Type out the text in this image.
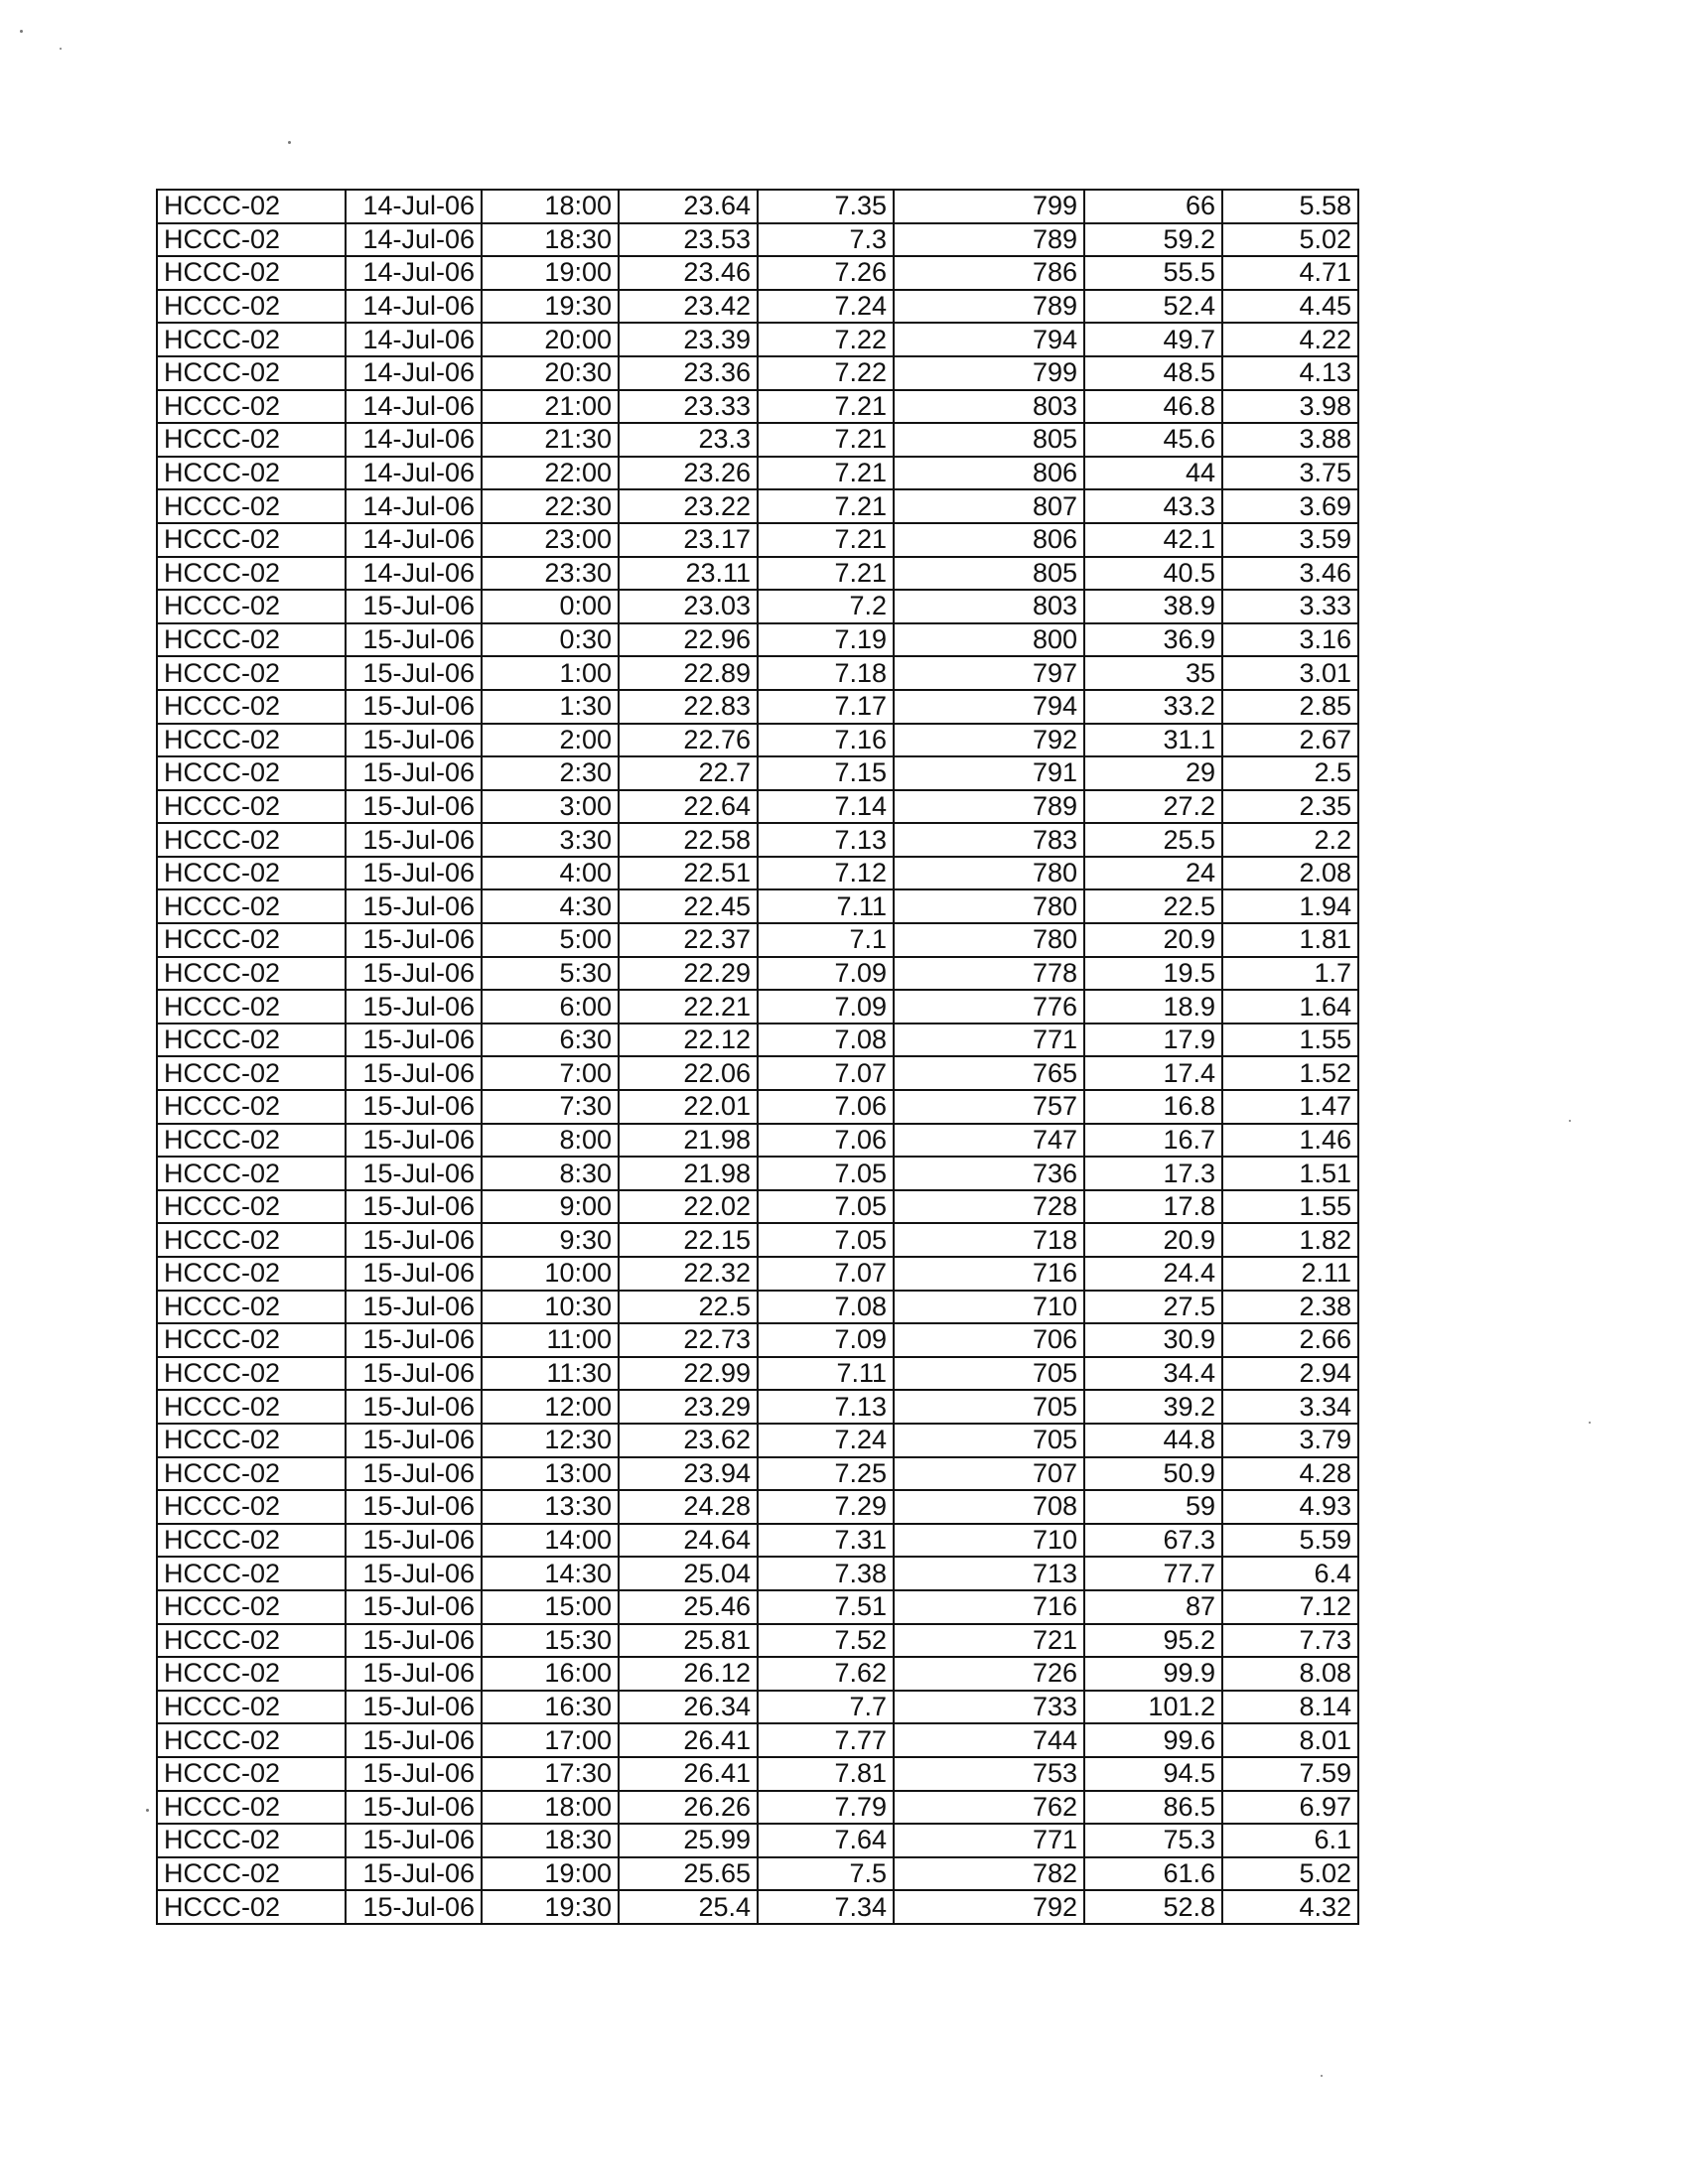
HCCC-02	14-Jul-06	18:00	23.64	7.35	799	66	5.58
HCCC-02	14-Jul-06	18:30	23.53	7.3	789	59.2	5.02
HCCC-02	14-Jul-06	19:00	23.46	7.26	786	55.5	4.71
HCCC-02	14-Jul-06	19:30	23.42	7.24	789	52.4	4.45
HCCC-02	14-Jul-06	20:00	23.39	7.22	794	49.7	4.22
HCCC-02	14-Jul-06	20:30	23.36	7.22	799	48.5	4.13
HCCC-02	14-Jul-06	21:00	23.33	7.21	803	46.8	3.98
HCCC-02	14-Jul-06	21:30	23.3	7.21	805	45.6	3.88
HCCC-02	14-Jul-06	22:00	23.26	7.21	806	44	3.75
HCCC-02	14-Jul-06	22:30	23.22	7.21	807	43.3	3.69
HCCC-02	14-Jul-06	23:00	23.17	7.21	806	42.1	3.59
HCCC-02	14-Jul-06	23:30	23.11	7.21	805	40.5	3.46
HCCC-02	15-Jul-06	0:00	23.03	7.2	803	38.9	3.33
HCCC-02	15-Jul-06	0:30	22.96	7.19	800	36.9	3.16
HCCC-02	15-Jul-06	1:00	22.89	7.18	797	35	3.01
HCCC-02	15-Jul-06	1:30	22.83	7.17	794	33.2	2.85
HCCC-02	15-Jul-06	2:00	22.76	7.16	792	31.1	2.67
HCCC-02	15-Jul-06	2:30	22.7	7.15	791	29	2.5
HCCC-02	15-Jul-06	3:00	22.64	7.14	789	27.2	2.35
HCCC-02	15-Jul-06	3:30	22.58	7.13	783	25.5	2.2
HCCC-02	15-Jul-06	4:00	22.51	7.12	780	24	2.08
HCCC-02	15-Jul-06	4:30	22.45	7.11	780	22.5	1.94
HCCC-02	15-Jul-06	5:00	22.37	7.1	780	20.9	1.81
HCCC-02	15-Jul-06	5:30	22.29	7.09	778	19.5	1.7
HCCC-02	15-Jul-06	6:00	22.21	7.09	776	18.9	1.64
HCCC-02	15-Jul-06	6:30	22.12	7.08	771	17.9	1.55
HCCC-02	15-Jul-06	7:00	22.06	7.07	765	17.4	1.52
HCCC-02	15-Jul-06	7:30	22.01	7.06	757	16.8	1.47
HCCC-02	15-Jul-06	8:00	21.98	7.06	747	16.7	1.46
HCCC-02	15-Jul-06	8:30	21.98	7.05	736	17.3	1.51
HCCC-02	15-Jul-06	9:00	22.02	7.05	728	17.8	1.55
HCCC-02	15-Jul-06	9:30	22.15	7.05	718	20.9	1.82
HCCC-02	15-Jul-06	10:00	22.32	7.07	716	24.4	2.11
HCCC-02	15-Jul-06	10:30	22.5	7.08	710	27.5	2.38
HCCC-02	15-Jul-06	11:00	22.73	7.09	706	30.9	2.66
HCCC-02	15-Jul-06	11:30	22.99	7.11	705	34.4	2.94
HCCC-02	15-Jul-06	12:00	23.29	7.13	705	39.2	3.34
HCCC-02	15-Jul-06	12:30	23.62	7.24	705	44.8	3.79
HCCC-02	15-Jul-06	13:00	23.94	7.25	707	50.9	4.28
HCCC-02	15-Jul-06	13:30	24.28	7.29	708	59	4.93
HCCC-02	15-Jul-06	14:00	24.64	7.31	710	67.3	5.59
HCCC-02	15-Jul-06	14:30	25.04	7.38	713	77.7	6.4
HCCC-02	15-Jul-06	15:00	25.46	7.51	716	87	7.12
HCCC-02	15-Jul-06	15:30	25.81	7.52	721	95.2	7.73
HCCC-02	15-Jul-06	16:00	26.12	7.62	726	99.9	8.08
HCCC-02	15-Jul-06	16:30	26.34	7.7	733	101.2	8.14
HCCC-02	15-Jul-06	17:00	26.41	7.77	744	99.6	8.01
HCCC-02	15-Jul-06	17:30	26.41	7.81	753	94.5	7.59
HCCC-02	15-Jul-06	18:00	26.26	7.79	762	86.5	6.97
HCCC-02	15-Jul-06	18:30	25.99	7.64	771	75.3	6.1
HCCC-02	15-Jul-06	19:00	25.65	7.5	782	61.6	5.02
HCCC-02	15-Jul-06	19:30	25.4	7.34	792	52.8	4.32
